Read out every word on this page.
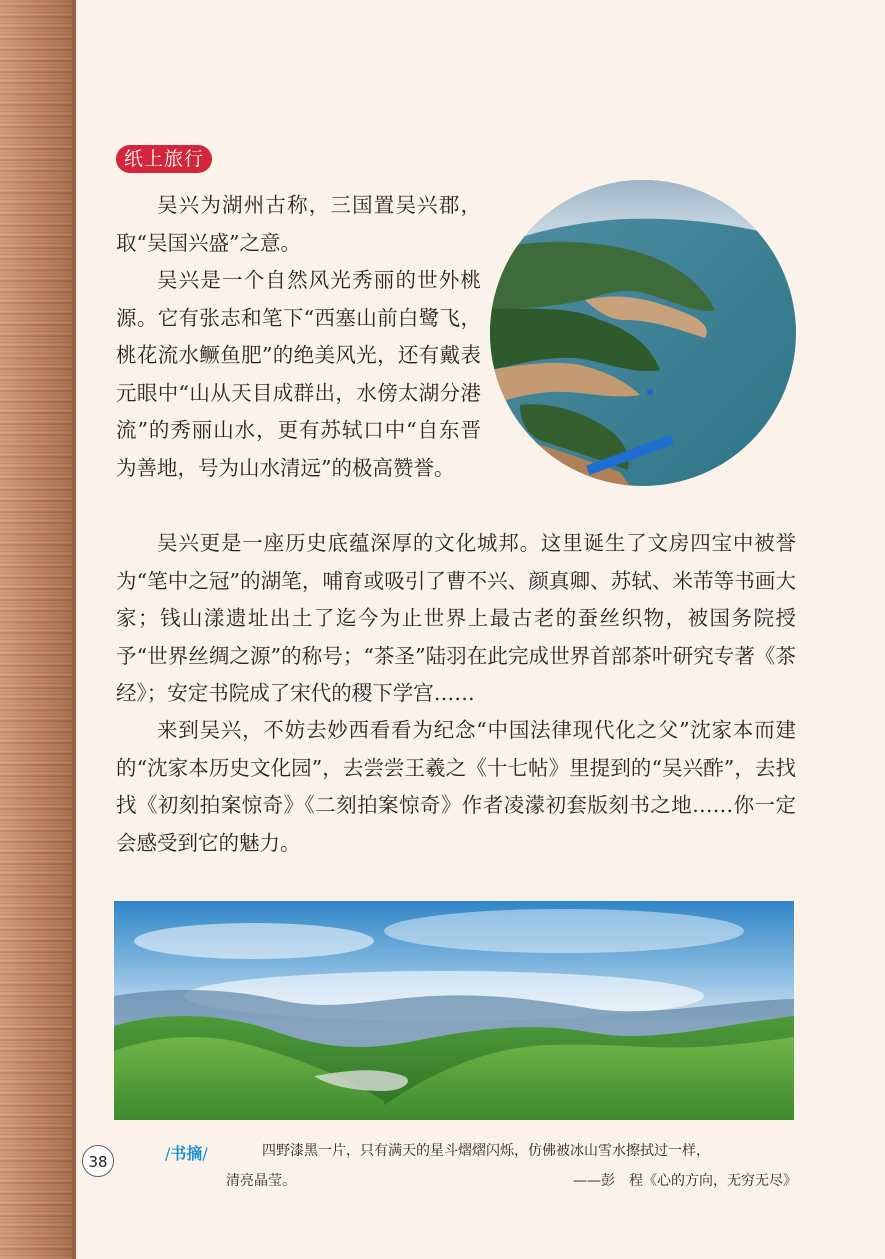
纸上旅行

吴兴为湖州古称，三国置吴兴郡，取“吴国兴盛”之意。

吴兴是一个自然风光秀丽的世外桃源。它有张志和笔下“西塞山前白鹭飞，桃花流水鳜鱼肥”的绝美风光，还有戴表元眼中“山从天目成群出，水傍太湖分港流”的秀丽山水，更有苏轼口中“自东晋为善地，号为山水清远”的极高赞誉。

吴兴更是一座历史底蕴深厚的文化城邦。这里诞生了文房四宝中被誉为“笔中之冠”的湖笔，哺育或吸引了曹不兴、颜真卿、苏轼、米芾等书画大家；钱山漾遗址出土了迄今为止世界上最古老的蚕丝织物，被国务院授予“世界丝绸之源”的称号；“茶圣”陆羽在此完成世界首部茶叶研究专著《茶经》；安定书院成了宋代的稷下学宫……

来到吴兴，不妨去妙西看看为纪念“中国法律现代化之父”沈家本而建的“沈家本历史文化园”，去尝尝王羲之《十七帖》里提到的“吴兴酢”，去找找《初刻拍案惊奇》《二刻拍案惊奇》作者凌濛初套版刻书之地……你一定会感受到它的魅力。

38	/书摘/	四野漆黑一片，只有满天的星斗熠熠闪烁，仿佛被冰山雪水擦拭过一样，
清亮晶莹。	——彭　程《心的方向，无穷无尽》
